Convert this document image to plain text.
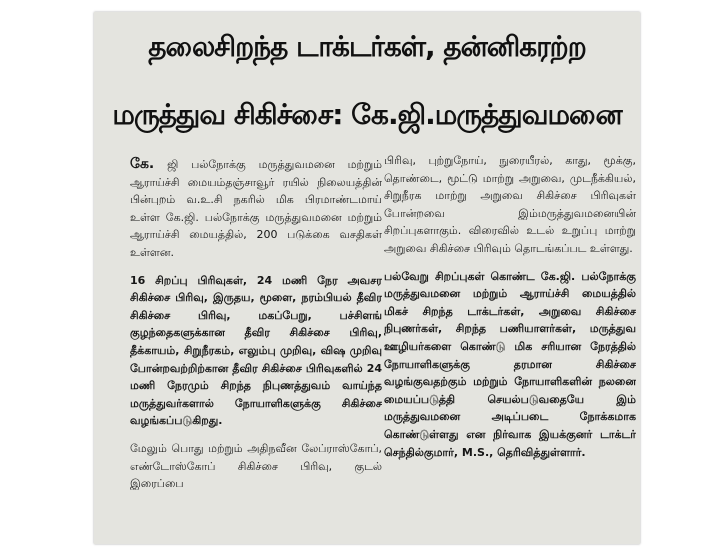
தலைசிறந்த டாக்டர்கள், தன்னிகரற்ற
மருத்துவ சிகிச்சை: கே.ஜி.மருத்துவமனை

கே. ஜி பல்நோக்கு மருத்துவமனை மற்றும் ஆராய்ச்சி மையம்தஞ்சாவூர் ரயில் நிலையத்தின் பின்புறம் வ.உ.சி நகரில் மிக பிரமாண்டமாய் உள்ள கே.ஜி. பல்நோக்கு மருத்துவமனை மற்றும் ஆராய்ச்சி மையத்தில், 200 படுக்கை வசதிகள் உள்ளன.

16 சிறப்பு பிரிவுகள், 24 மணி நேர அவசர சிகிச்சை பிரிவு, இருதய, மூளை, நரம்பியல் தீவிர சிகிச்சை பிரிவு, மகப்பேறு, பச்சிளங் குழந்தைகளுக்கான தீவிர சிகிச்சை பிரிவு, தீக்காயம், சிறுநீரகம், எலும்பு முறிவு, விஷ முறிவு போன்றவற்றிற்கான தீவிர சிகிச்சை பிரிவுகளில் 24 மணி நேரமும் சிறந்த நிபுணத்துவம் வாய்ந்த மருத்துவர்களால் நோயாளிகளுக்கு சிகிச்சை வழங்கப்படுகிறது.

மேலும் பொது மற்றும் அதிநவீன லேப்ராஸ்கோப், எண்டோஸ்கோப் சிகிச்சை பிரிவு, குடல் இரைப்பை

பிரிவு, புற்றுநோய், நுரையீரல், காது, மூக்கு, தொண்டை, மூட்டு மாற்று அறுவை, முடநீக்கியல், சிறுநீரக மாற்று அறுவை சிகிச்சை பிரிவுகள் போன்றவை இம்மருத்துவமனையின் சிறப்புகளாகும். விரைவில் உடல் உறுப்பு மாற்று அறுவை சிகிச்சை பிரிவும் தொடங்கப்பட உள்ளது.

பல்வேறு சிறப்புகள் கொண்ட கே.ஜி. பல்நோக்கு மருத்துவமனை மற்றும் ஆராய்ச்சி மையத்தில் மிகச் சிறந்த டாக்டர்கள், அறுவை சிகிச்சை நிபுணர்கள், சிறந்த பணியாளர்கள், மருத்துவ ஊழியர்களை கொண்டு மிக சரியான நேரத்தில் நோயாளிகளுக்கு தரமான சிகிச்சை வழங்குவதற்கும் மற்றும் நோயாளிகளின் நலனை மையப்படுத்தி செயல்படுவதையே இம் மருத்துவமனை அடிப்படை நோக்கமாக கொண்டுள்ளது என நிர்வாக இயக்குனர் டாக்டர் செந்தில்குமார், M.S., தெரிவித்துள்ளார்.
